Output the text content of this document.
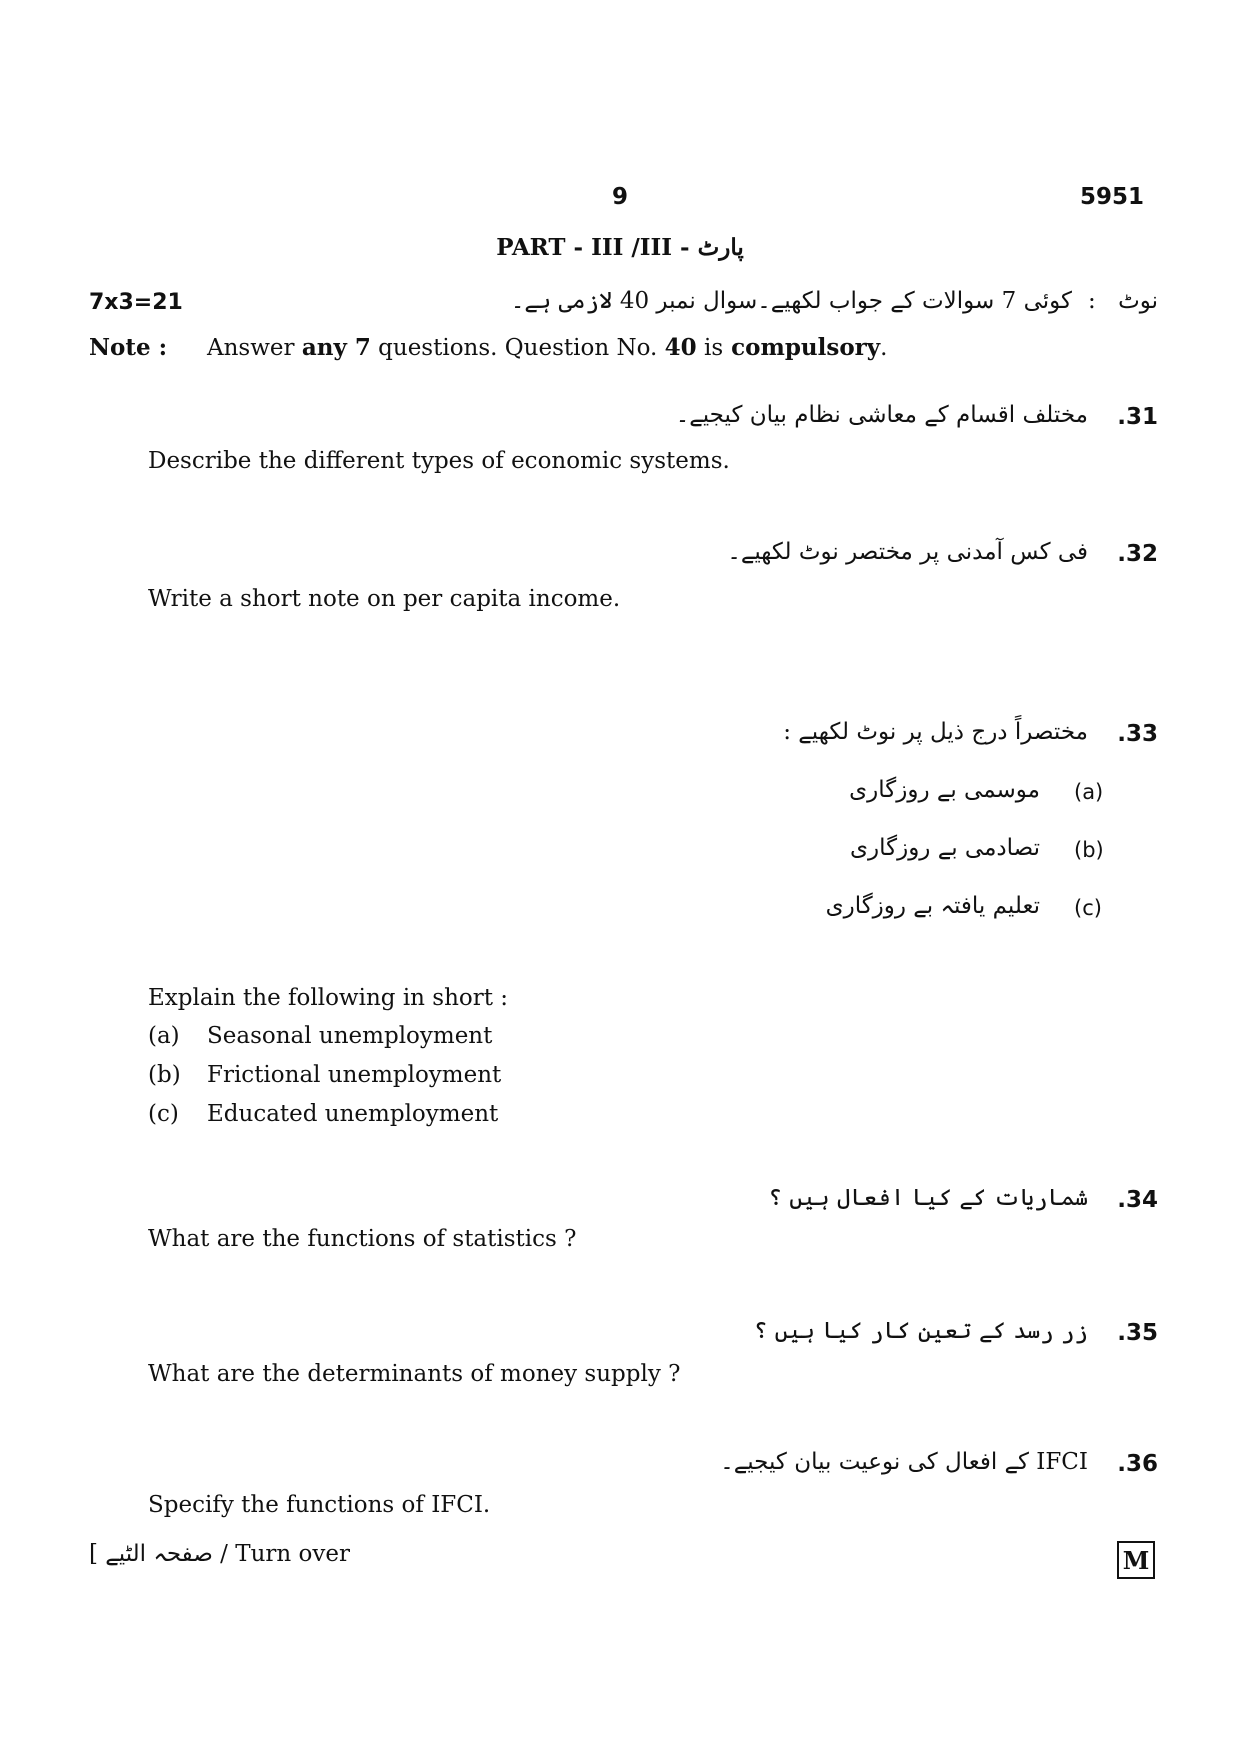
9	5951
PART - III /III - پارٹ
7x3=21	نوٹ
:
کوئی 7 سوالات کے جواب لکھیے۔سوال نمبر 40 لازمی ہے۔
Note : Answer any 7 questions. Question No. 40 is compulsory.
31.
مختلف اقسام کے معاشی نظام بیان کیجیے۔
Describe the different types of economic systems.
32.
فی کس آمدنی پر مختصر نوٹ لکھیے۔
Write a short note on per capita income.
33.
مختصراً درج ذیل پر نوٹ لکھیے :
(a)
موسمی بے روزگاری
(b)
تصادمی بے روزگاری
(c)
تعلیم یافتہ بے روزگاری
Explain the following in short :
(a) Seasonal unemployment
(b) Frictional unemployment
(c) Educated unemployment
34.
شماریات کے کیا افعال ہیں ؟
What are the functions of statistics ?
35.
زر رسد کے تعین کار کیا ہیں ؟
What are the determinants of money supply ?
36.
IFCI کے افعال کی نوعیت بیان کیجیے۔
Specify the functions of IFCI.
[ صفحہ الٹیے / Turn over	M
